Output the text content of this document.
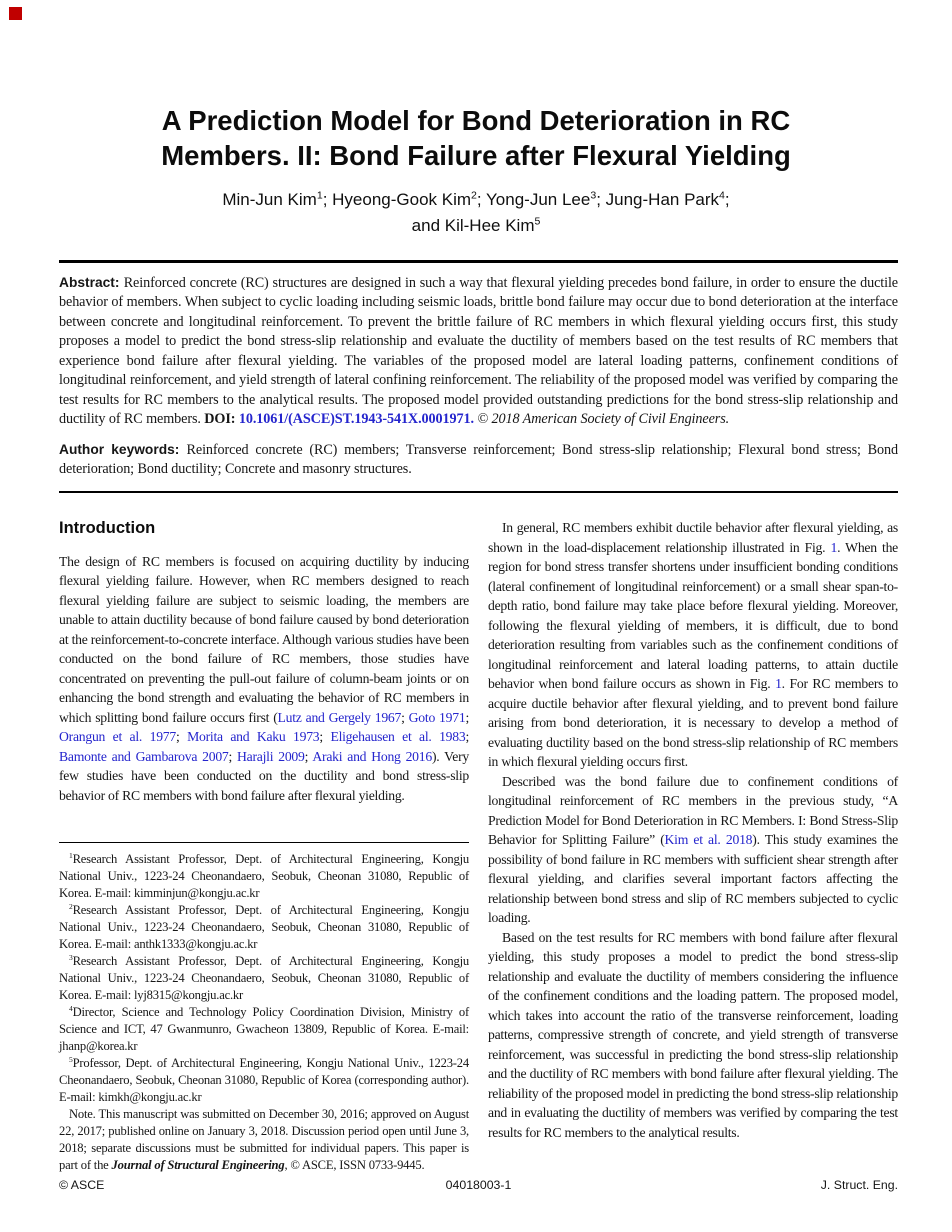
A Prediction Model for Bond Deterioration in RC
Members. II: Bond Failure after Flexural Yielding
Min-Jun Kim$^1$; Hyeong-Gook Kim$^2$; Yong-Jun Lee$^3$; Jung-Han Park$^4$;
and Kil-Hee Kim$^5$

Abstract: Reinforced concrete (RC) structures are designed in such a way that flexural yielding precedes bond failure, in order to ensure the ductile behavior of members. When subject to cyclic loading including seismic loads, brittle bond failure may occur due to bond deterioration at the interface between concrete and longitudinal reinforcement. To prevent the brittle failure of RC members in which flexural yielding occurs first, this study proposes a model to predict the bond stress-slip relationship and evaluate the ductility of members based on the test results of RC members that experience bond failure after flexural yielding. The variables of the proposed model are lateral loading patterns, confinement conditions of longitudinal reinforcement, and yield strength of lateral confining reinforcement. The reliability of the proposed model was verified by comparing the test results for RC members to the analytical results. The proposed model provided outstanding predictions for the bond stress-slip relationship and ductility of RC members. DOI: 10.1061/(ASCE)ST.1943-541X.0001971. © 2018 American Society of Civil Engineers.

Author keywords: Reinforced concrete (RC) members; Transverse reinforcement; Bond stress-slip relationship; Flexural bond stress; Bond deterioration; Bond ductility; Concrete and masonry structures.

Introduction

The design of RC members is focused on acquiring ductility by inducing flexural yielding failure. However, when RC members designed to reach flexural yielding failure are subject to seismic loading, the members are unable to attain ductility because of bond failure caused by bond deterioration at the reinforcement-to-concrete interface. Although various studies have been conducted on the bond failure of RC members, those studies have concentrated on preventing the pull-out failure of column-beam joints or on enhancing the bond strength and evaluating the behavior of RC members in which splitting bond failure occurs first (Lutz and Gergely 1967; Goto 1971; Orangun et al. 1977; Morita and Kaku 1973; Eligehausen et al. 1983; Bamonte and Gambarova 2007; Harajli 2009; Araki and Hong 2016). Very few studies have been conducted on the ductility and bond stress-slip behavior of RC members with bond failure after flexural yielding.

$^1$Research Assistant Professor, Dept. of Architectural Engineering, Kongju National Univ., 1223-24 Cheonandaero, Seobuk, Cheonan 31080, Republic of Korea. E-mail: kimminjun@kongju.ac.kr

$^2$Research Assistant Professor, Dept. of Architectural Engineering, Kongju National Univ., 1223-24 Cheonandaero, Seobuk, Cheonan 31080, Republic of Korea. E-mail: anthk1333@kongju.ac.kr

$^3$Research Assistant Professor, Dept. of Architectural Engineering, Kongju National Univ., 1223-24 Cheonandaero, Seobuk, Cheonan 31080, Republic of Korea. E-mail: lyj8315@kongju.ac.kr

$^4$Director, Science and Technology Policy Coordination Division, Ministry of Science and ICT, 47 Gwanmunro, Gwacheon 13809, Republic of Korea. E-mail: jhanp@korea.kr

$^5$Professor, Dept. of Architectural Engineering, Kongju National Univ., 1223-24 Cheonandaero, Seobuk, Cheonan 31080, Republic of Korea (corresponding author). E-mail: kimkh@kongju.ac.kr

Note. This manuscript was submitted on December 30, 2016; approved on August 22, 2017; published online on January 3, 2018. Discussion period open until June 3, 2018; separate discussions must be submitted for individual papers. This paper is part of the Journal of Structural Engineering, © ASCE, ISSN 0733-9445.

In general, RC members exhibit ductile behavior after flexural yielding, as shown in the load-displacement relationship illustrated in Fig. 1. When the region for bond stress transfer shortens under insufficient bonding conditions (lateral confinement of longitudinal reinforcement) or a small shear span-to-depth ratio, bond failure may take place before flexural yielding. Moreover, following the flexural yielding of members, it is difficult, due to bond deterioration resulting from variables such as the confinement conditions of longitudinal reinforcement and lateral loading patterns, to attain ductile behavior when bond failure occurs as shown in Fig. 1. For RC members to acquire ductile behavior after flexural yielding, and to prevent bond failure arising from bond deterioration, it is necessary to develop a method of evaluating ductility based on the bond stress-slip relationship of RC members in which flexural yielding occurs first.

Described was the bond failure due to confinement conditions of longitudinal reinforcement of RC members in the previous study, “A Prediction Model for Bond Deterioration in RC Members. I: Bond Stress-Slip Behavior for Splitting Failure” (Kim et al. 2018). This study examines the possibility of bond failure in RC members with sufficient shear strength after flexural yielding, and clarifies several important factors affecting the relationship between bond stress and slip of RC members subjected to cyclic loading.

Based on the test results for RC members with bond failure after flexural yielding, this study proposes a model to predict the bond stress-slip relationship and evaluate the ductility of members considering the influence of the confinement conditions and the loading pattern. The proposed model, which takes into account the ratio of the transverse reinforcement, loading patterns, compressive strength of concrete, and yield strength of transverse reinforcement, was successful in predicting the bond stress-slip relationship and the ductility of RC members with bond failure after flexural yielding. The reliability of the proposed model in predicting the bond stress-slip relationship and in evaluating the ductility of members was verified by comparing the test results for RC members to the analytical results.

© ASCE	04018003-1	J. Struct. Eng.
